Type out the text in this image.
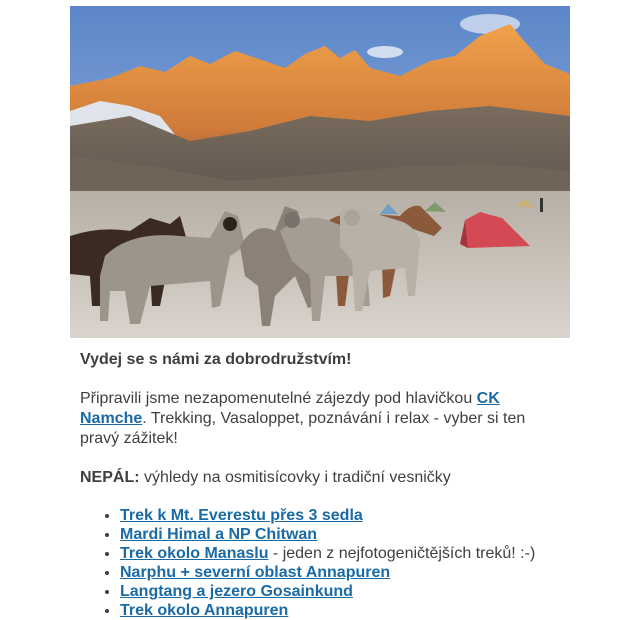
Vydej se s námi za dobrodružstvím!

Připravili jsme nezapomenutelné zájezdy pod hlavičkou CK Namche. Trekking, Vasaloppet, poznávání i relax - vyber si ten pravý zážitek!

NEPÁL: výhledy na osmitisícovky i tradiční vesničky

• Trek k Mt. Everestu přes 3 sedla
• Mardi Himal a NP Chitwan
• Trek okolo Manaslu - jeden z nejfotogeničtějších treků! :-)
• Narphu + severní oblast Annapuren
• Langtang a jezero Gosainkund
• Trek okolo Annapuren
